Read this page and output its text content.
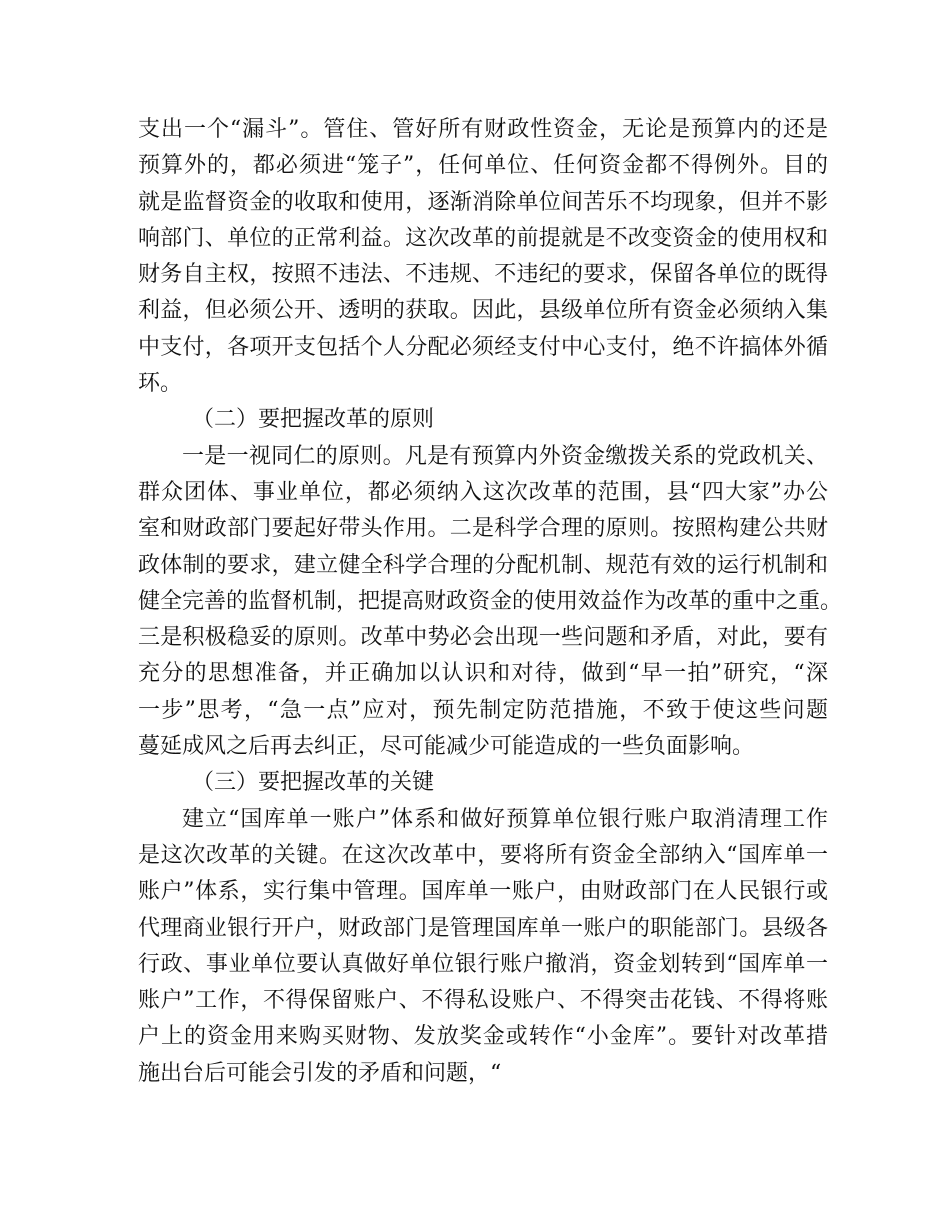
支出一个“漏斗”。管住、管好所有财政性资金，无论是预算内的还是
预算外的，都必须进“笼子”，任何单位、任何资金都不得例外。目的
就是监督资金的收取和使用，逐渐消除单位间苦乐不均现象，但并不影
响部门、单位的正常利益。这次改革的前提就是不改变资金的使用权和
财务自主权，按照不违法、不违规、不违纪的要求，保留各单位的既得
利益，但必须公开、透明的获取。因此，县级单位所有资金必须纳入集
中支付，各项开支包括个人分配必须经支付中心支付，绝不许搞体外循
环。
（二）要把握改革的原则
一是一视同仁的原则。凡是有预算内外资金缴拨关系的党政机关、
群众团体、事业单位，都必须纳入这次改革的范围，县“四大家”办公
室和财政部门要起好带头作用。二是科学合理的原则。按照构建公共财
政体制的要求，建立健全科学合理的分配机制、规范有效的运行机制和
健全完善的监督机制，把提高财政资金的使用效益作为改革的重中之重。
三是积极稳妥的原则。改革中势必会出现一些问题和矛盾，对此，要有
充分的思想准备，并正确加以认识和对待，做到“早一拍”研究，“深
一步”思考，“急一点”应对，预先制定防范措施，不致于使这些问题
蔓延成风之后再去纠正，尽可能减少可能造成的一些负面影响。
（三）要把握改革的关键
建立“国库单一账户”体系和做好预算单位银行账户取消清理工作
是这次改革的关键。在这次改革中，要将所有资金全部纳入“国库单一
账户”体系，实行集中管理。国库单一账户，由财政部门在人民银行或
代理商业银行开户，财政部门是管理国库单一账户的职能部门。县级各
行政、事业单位要认真做好单位银行账户撤消，资金划转到“国库单一
账户”工作，不得保留账户、不得私设账户、不得突击花钱、不得将账
户上的资金用来购买财物、发放奖金或转作“小金库”。要针对改革措
施出台后可能会引发的矛盾和问题，“
